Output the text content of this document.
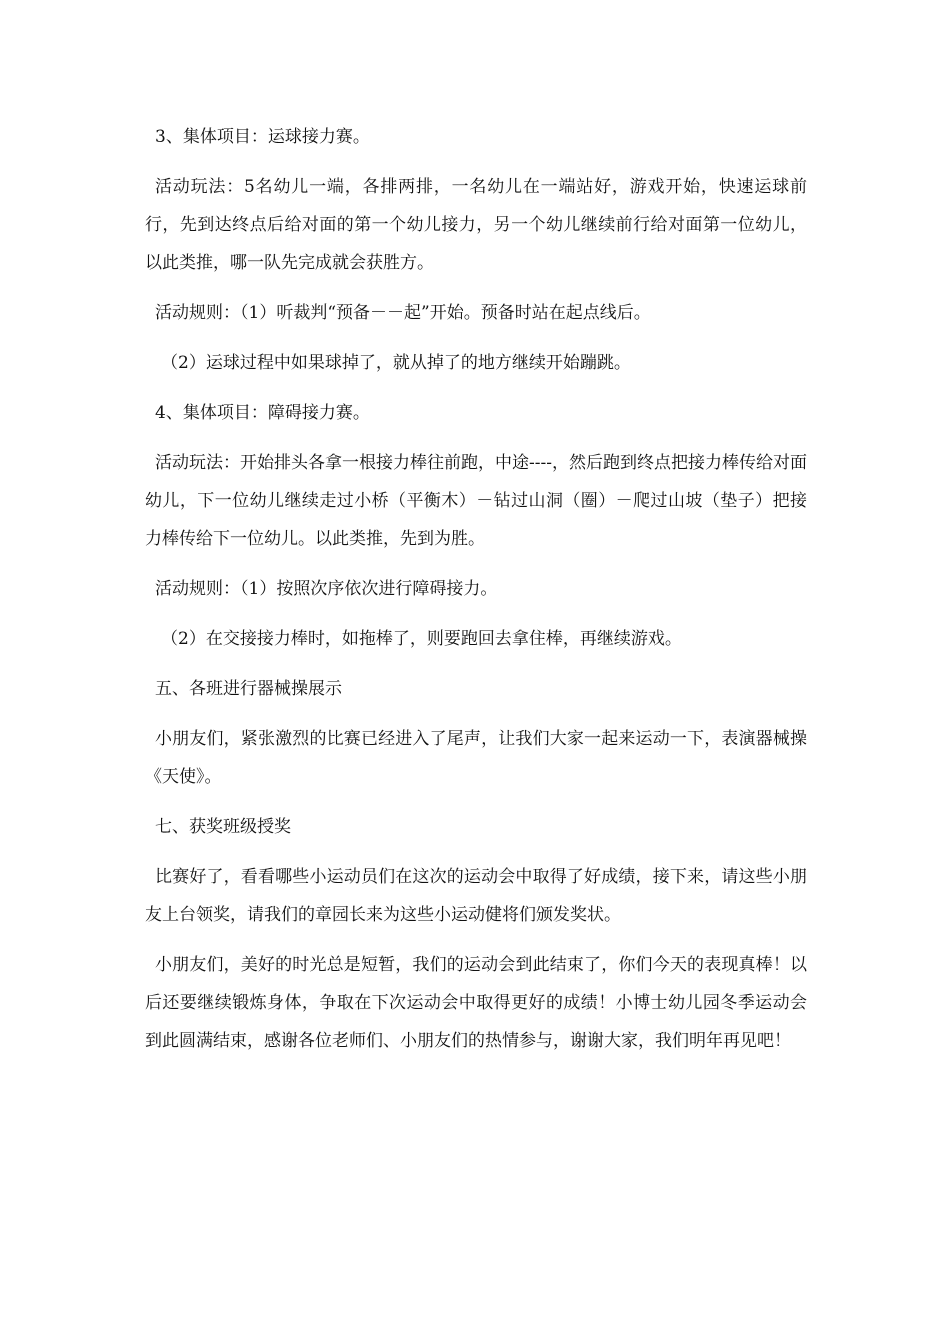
3、集体项目：运球接力赛。

活动玩法：5名幼儿一端，各排两排，一名幼儿在一端站好，游戏开始，快速运球前行，先到达终点后给对面的第一个幼儿接力，另一个幼儿继续前行给对面第一位幼儿，以此类推，哪一队先完成就会获胜方。

活动规则：（1）听裁判“预备－－起”开始。预备时站在起点线后。

（2）运球过程中如果球掉了，就从掉了的地方继续开始蹦跳。

4、集体项目：障碍接力赛。

活动玩法：开始排头各拿一根接力棒往前跑，中途----，然后跑到终点把接力棒传给对面幼儿，下一位幼儿继续走过小桥（平衡木）－钻过山洞（圈）－爬过山坡（垫子）把接力棒传给下一位幼儿。以此类推，先到为胜。

活动规则：（1）按照次序依次进行障碍接力。

（2）在交接接力棒时，如拖棒了，则要跑回去拿住棒，再继续游戏。

五、各班进行器械操展示

小朋友们，紧张激烈的比赛已经进入了尾声，让我们大家一起来运动一下，表演器械操《天使》。

七、获奖班级授奖

比赛好了，看看哪些小运动员们在这次的运动会中取得了好成绩，接下来，请这些小朋友上台领奖，请我们的章园长来为这些小运动健将们颁发奖状。

小朋友们，美好的时光总是短暂，我们的运动会到此结束了，你们今天的表现真棒！以后还要继续锻炼身体，争取在下次运动会中取得更好的成绩！小博士幼儿园冬季运动会到此圆满结束，感谢各位老师们、小朋友们的热情参与，谢谢大家，我们明年再见吧！
